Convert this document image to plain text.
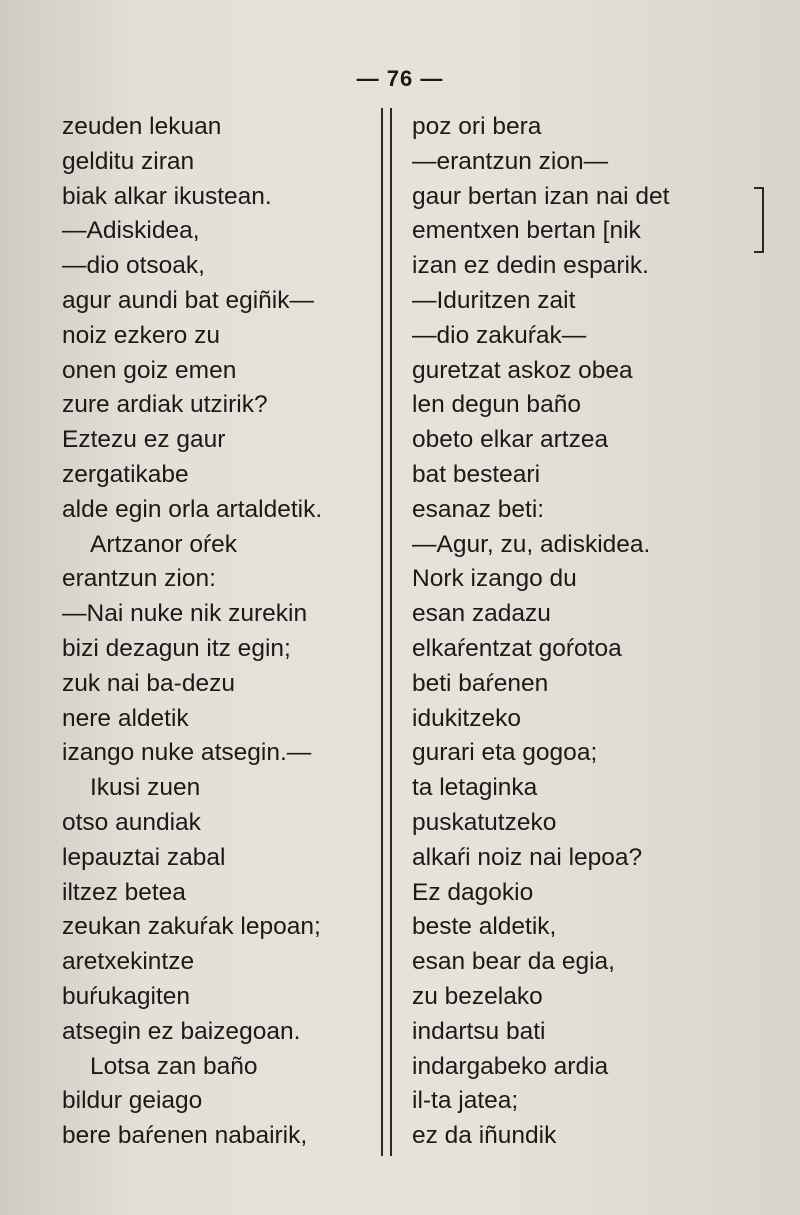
— 76 —
zeuden lekuan
gelditu ziran
biak alkar ikustean.
—Adiskidea,
—dio otsoak,
agur aundi bat egiñik—
noiz ezkero zu
onen goiz emen
zure ardiak utzirik?
Eztezu ez gaur
zergatikabe
alde egin orla artaldetik.
Artzanor oŕek
erantzun zion:
—Nai nuke nik zurekin
bizi dezagun itz egin;
zuk nai ba-dezu
nere aldetik
izango nuke atsegin.—
Ikusi zuen
otso aundiak
lepauztai zabal
iltzez betea
zeukan zakuŕak lepoan;
aretxekintze
buŕukagiten
atsegin ez baizegoan.
Lotsa zan baño
bildur geiago
bere baŕenen nabairik,
poz ori bera
—erantzun zion—
gaur bertan izan nai det
ementxen bertan [nik
izan ez dedin esparik.
—Iduritzen zait
—dio zakuŕak—
guretzat askoz obea
len degun baño
obeto elkar artzea
bat besteari
esanaz beti:
—Agur, zu, adiskidea.
Nork izango du
esan zadazu
elkaŕentzat goŕotoa
beti baŕenen
idukitzeko
gurari eta gogoa;
ta letaginka
puskatutzeko
alkaŕi noiz nai lepoa?
Ez dagokio
beste aldetik,
esan bear da egia,
zu bezelako
indartsu bati
indargabeko ardia
il-ta jatea;
ez da iñundik
